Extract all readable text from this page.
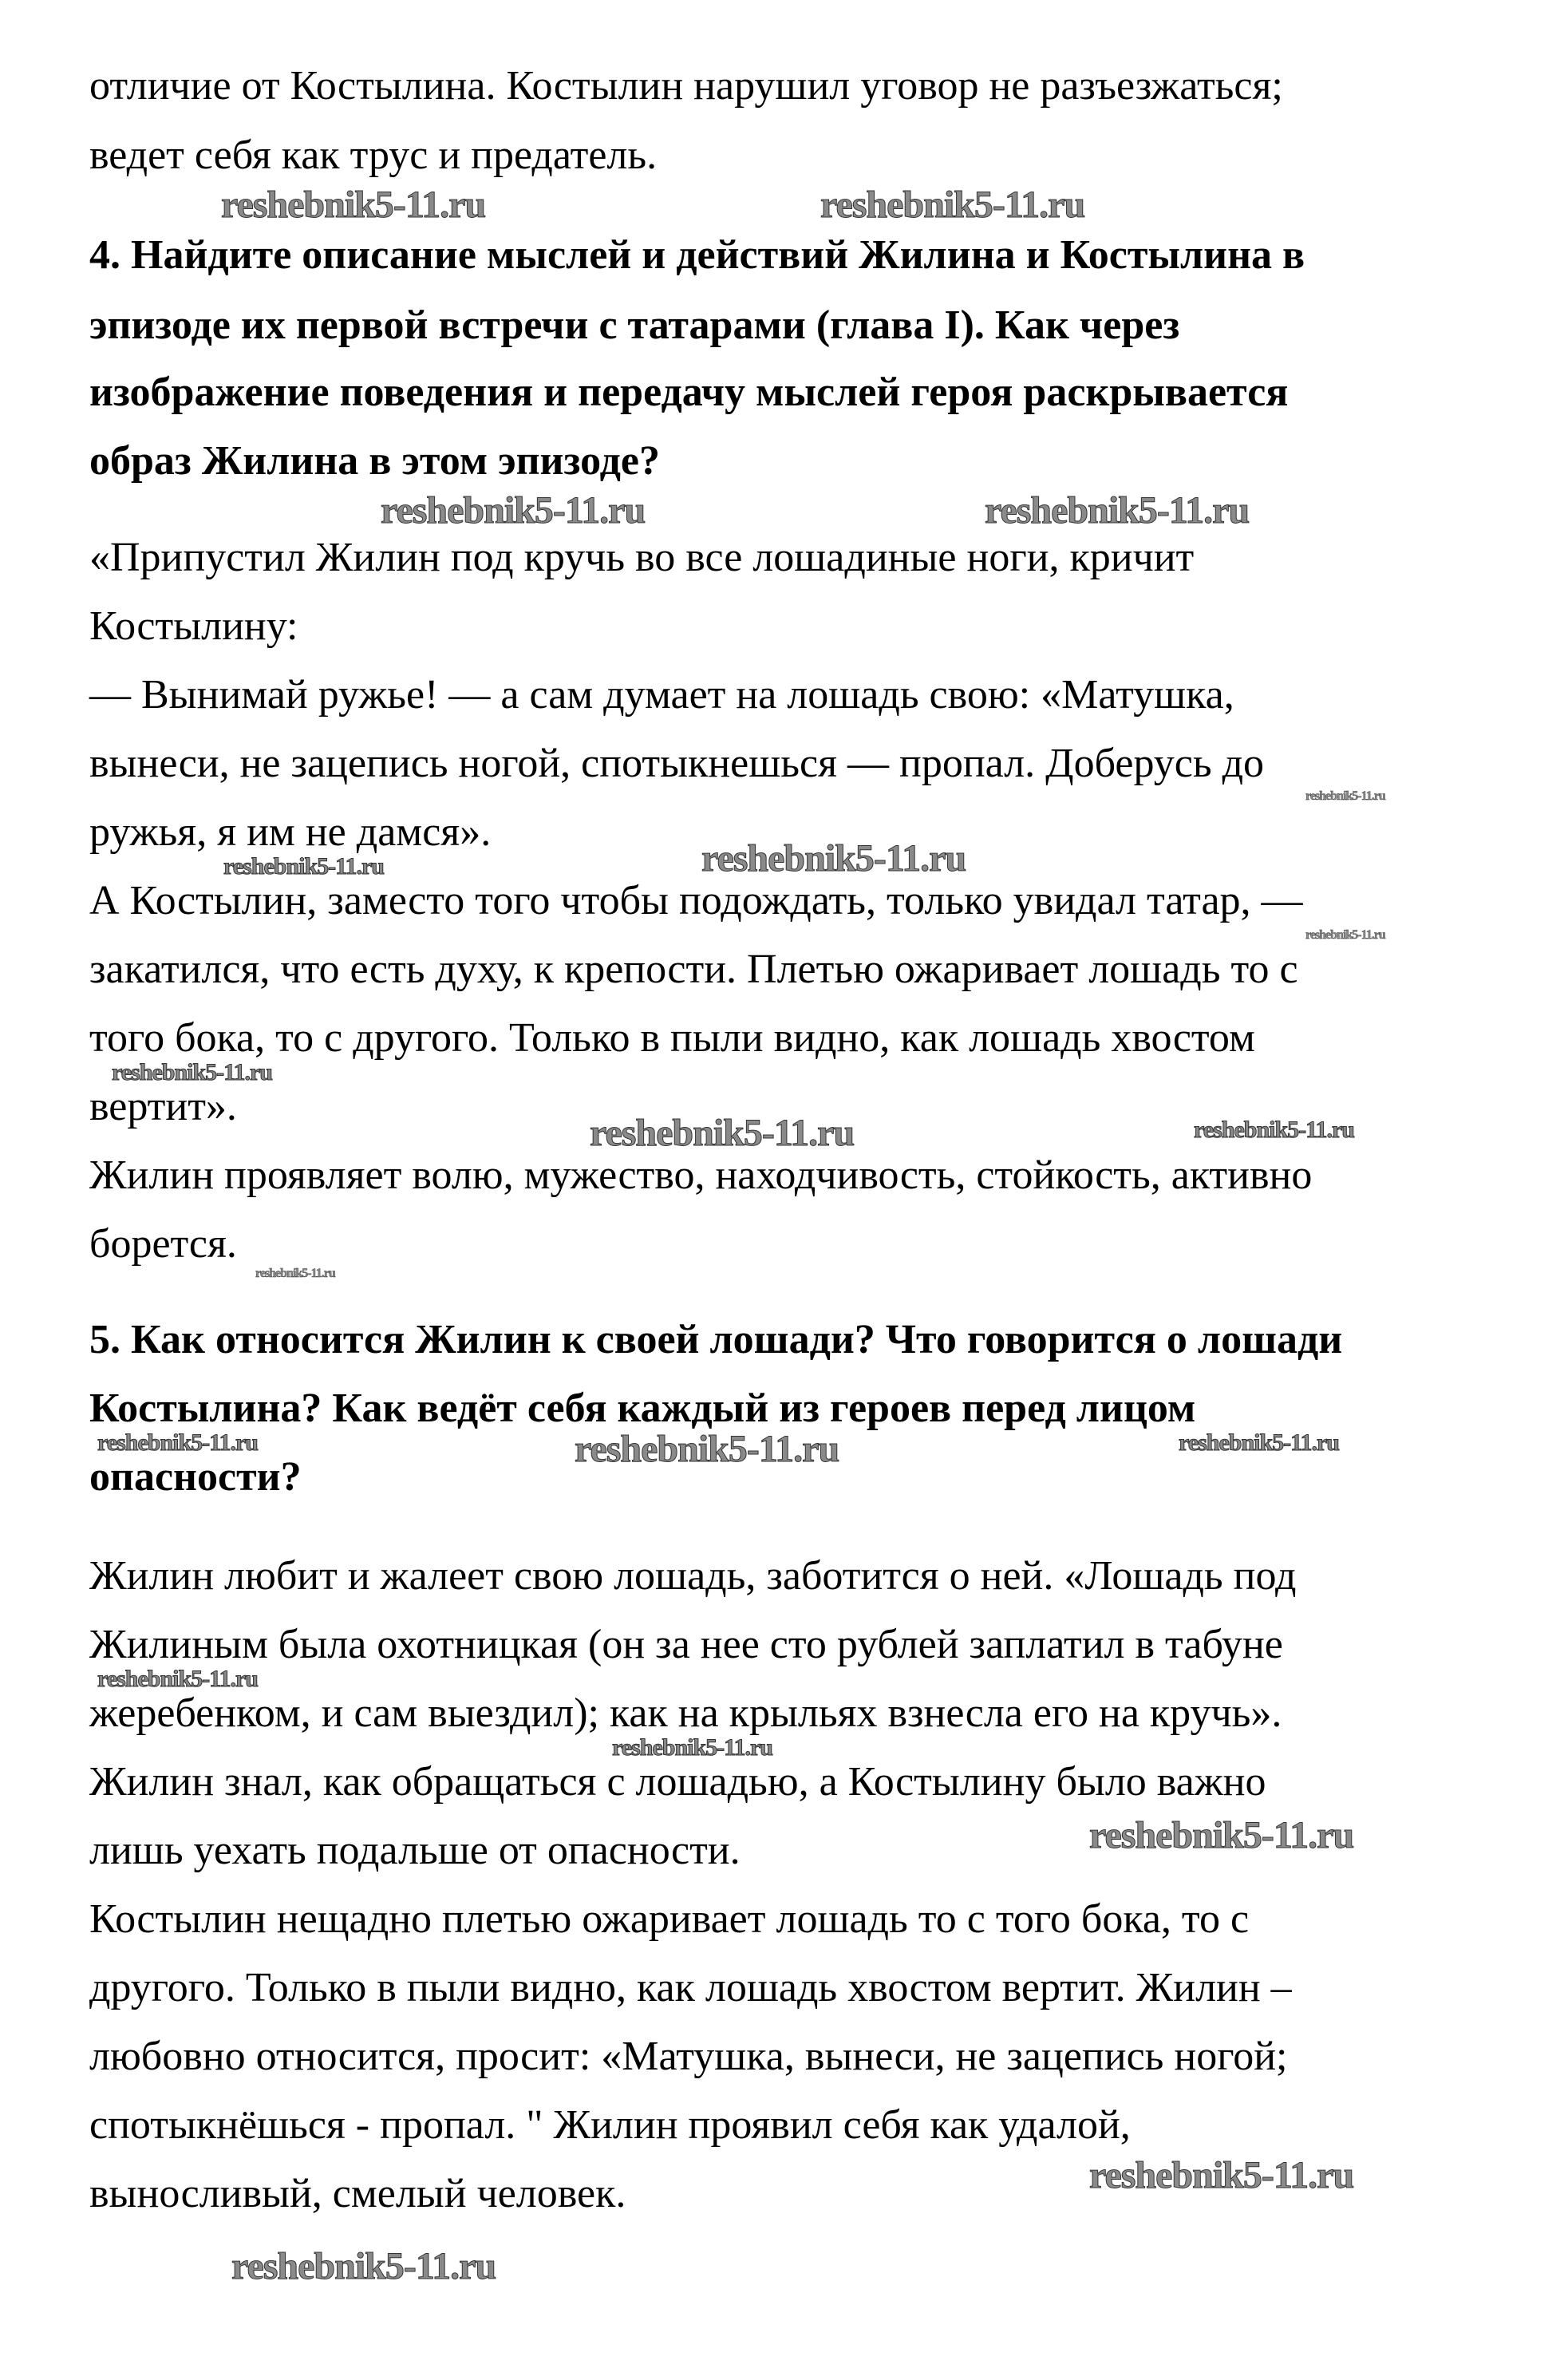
отличие от Костылина. Костылин нарушил уговор не разъезжаться;
ведет себя как трус и предатель.
4. Найдите описание мыслей и действий Жилина и Костылина в
эпизоде их первой встречи с татарами (глава I). Как через
изображение поведения и передачу мыслей героя раскрывается
образ Жилина в этом эпизоде?
«Припустил Жилин под кручь во все лошадиные ноги, кричит
Костылину:
— Вынимай ружье! — а сам думает на лошадь свою: «Матушка,
вынеси, не зацепись ногой, спотыкнешься — пропал. Доберусь до
ружья, я им не дамся».
А Костылин, заместо того чтобы подождать, только увидал татар, —
закатился, что есть духу, к крепости. Плетью ожаривает лошадь то с
того бока, то с другого. Только в пыли видно, как лошадь хвостом
вертит».
Жилин проявляет волю, мужество, находчивость, стойкость, активно
борется.
5. Как относится Жилин к своей лошади? Что говорится о лошади
Костылина? Как ведёт себя каждый из героев перед лицом
опасности?
Жилин любит и жалеет свою лошадь, заботится о ней. «Лошадь под
Жилиным была охотницкая (он за нее сто рублей заплатил в табуне
жеребенком, и сам выездил); как на крыльях взнесла его на кручь».
Жилин знал, как обращаться с лошадью, а Костылину было важно
лишь уехать подальше от опасности.
Костылин нещадно плетью ожаривает лошадь то с того бока, то с
другого. Только в пыли видно, как лошадь хвостом вертит. Жилин –
любовно относится, просит: «Матушка, вынеси, не зацепись ногой;
спотыкнёшься - пропал. " Жилин проявил себя как удалой,
выносливый, смелый человек.
reshebnik5-11.ru	reshebnik5-11.ru
reshebnik5-11.ru	reshebnik5-11.ru
reshebnik5-11.ru
reshebnik5-11.ru	reshebnik5-11.ru
reshebnik5-11.ru
reshebnik5-11.ru
reshebnik5-11.ru	reshebnik5-11.ru
reshebnik5-11.ru
reshebnik5-11.ru	reshebnik5-11.ru	reshebnik5-11.ru
reshebnik5-11.ru
reshebnik5-11.ru
reshebnik5-11.ru
reshebnik5-11.ru
reshebnik5-11.ru
